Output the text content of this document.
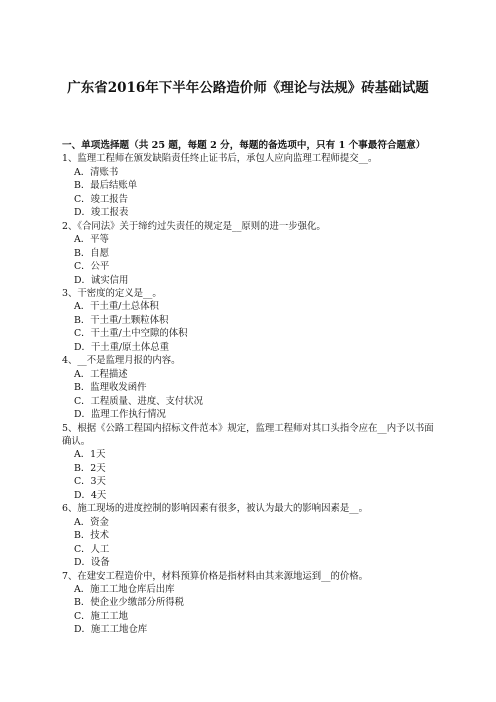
广东省2016年下半年公路造价师《理论与法规》砖基础试题
一、单项选择题（共 25 题，每题 2 分，每题的备选项中，只有 1 个事最符合题意）
1、监理工程师在颁发缺陷责任终止证书后，承包人应向监理工程师提交__。
A．清账书
B．最后结账单
C．竣工报告
D．竣工报表
2、《合同法》关于缔约过失责任的规定是__原则的进一步强化。
A．平等
B．自愿
C．公平
D．诚实信用
3、干密度的定义是__。
A．干土重/土总体积
B．干土重/土颗粒体积
C．干土重/土中空隙的体积
D．干土重/原土体总重
4、__不是监理月报的内容。
A．工程描述
B．监理收发函件
C．工程质量、进度、支付状况
D．监理工作执行情况
5、根据《公路工程国内招标文件范本》规定，监理工程师对其口头指令应在__内予以书面确认。
A．1天
B．2天
C．3天
D．4天
6、施工现场的进度控制的影响因素有很多，被认为最大的影响因素是__。
A．资金
B．技术
C．人工
D．设备
7、在建安工程造价中，材料预算价格是指材料由其来源地运到__的价格。
A．施工工地仓库后出库
B．使企业少缴部分所得税
C．施工工地
D．施工工地仓库
